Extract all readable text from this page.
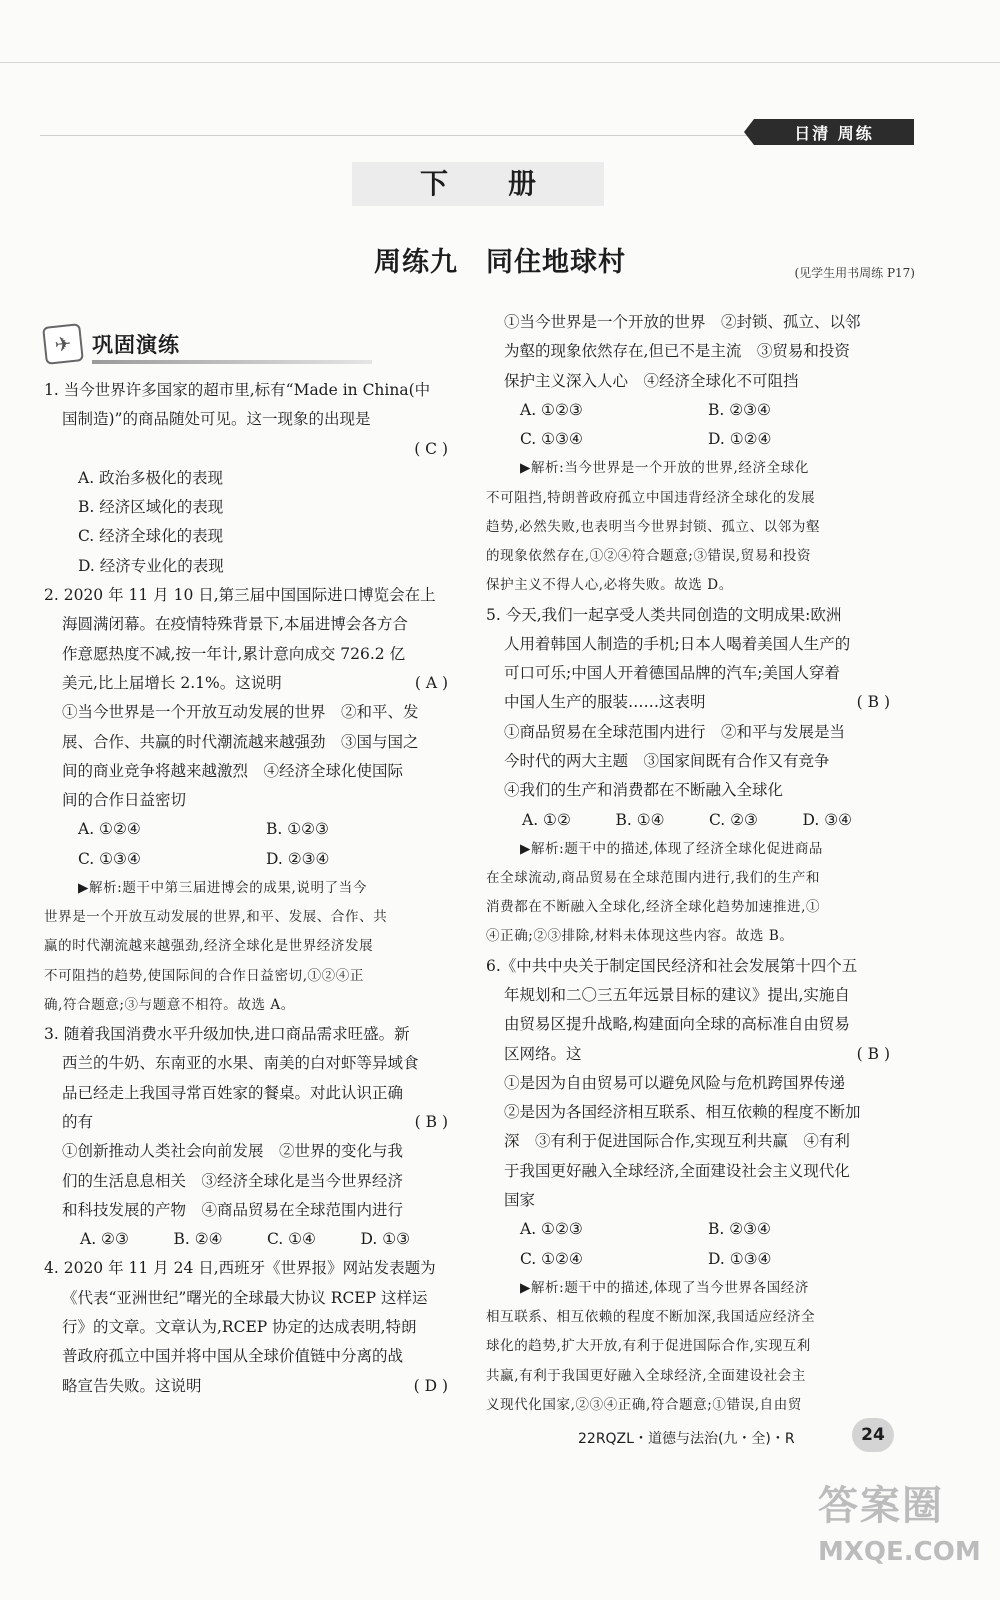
日清 周练
下册
周练九　同住地球村	(见学生用书周练 P17)
✈ 巩固演练

1. 当今世界许多国家的超市里,标有“Made in China(中

国制造)”的商品随处可见。这一现象的出现是

( C )

A. 政治多极化的表现

B. 经济区域化的表现

C. 经济全球化的表现

D. 经济专业化的表现

2. 2020 年 11 月 10 日,第三届中国国际进口博览会在上

海圆满闭幕。在疫情特殊背景下,本届进博会各方合

作意愿热度不减,按一年计,累计意向成交 726.2 亿

美元,比上届增长 2.1%。这说明	( A )

①当今世界是一个开放互动发展的世界　②和平、发

展、合作、共赢的时代潮流越来越强劲　③国与国之

间的商业竞争将越来越激烈　④经济全球化使国际

间的合作日益密切

A. ①②④	B. ①②③
C. ①③④	D. ②③④

▶解析:题干中第三届进博会的成果,说明了当今

世界是一个开放互动发展的世界,和平、发展、合作、共

赢的时代潮流越来越强劲,经济全球化是世界经济发展

不可阻挡的趋势,使国际间的合作日益密切,①②④正

确,符合题意;③与题意不相符。故选 A。

3. 随着我国消费水平升级加快,进口商品需求旺盛。新

西兰的牛奶、东南亚的水果、南美的白对虾等异域食

品已经走上我国寻常百姓家的餐桌。对此认识正确

的有	( B )

①创新推动人类社会向前发展　②世界的变化与我

们的生活息息相关　③经济全球化是当今世界经济

和科技发展的产物　④商品贸易在全球范围内进行

A. ②③	B. ②④	C. ①④	D. ①③

4. 2020 年 11 月 24 日,西班牙《世界报》网站发表题为

《代表“亚洲世纪”曙光的全球最大协议 RCEP 这样运

行》的文章。文章认为,RCEP 协定的达成表明,特朗

普政府孤立中国并将中国从全球价值链中分离的战

略宣告失败。这说明	( D )

①当今世界是一个开放的世界　②封锁、孤立、以邻

为壑的现象依然存在,但已不是主流　③贸易和投资

保护主义深入人心　④经济全球化不可阻挡

A. ①②③	B. ②③④
C. ①③④	D. ①②④

▶解析:当今世界是一个开放的世界,经济全球化

不可阻挡,特朗普政府孤立中国违背经济全球化的发展

趋势,必然失败,也表明当今世界封锁、孤立、以邻为壑

的现象依然存在,①②④符合题意;③错误,贸易和投资

保护主义不得人心,必将失败。故选 D。

5. 今天,我们一起享受人类共同创造的文明成果:欧洲

人用着韩国人制造的手机;日本人喝着美国人生产的

可口可乐;中国人开着德国品牌的汽车;美国人穿着

中国人生产的服装……这表明	( B )

①商品贸易在全球范围内进行　②和平与发展是当

今时代的两大主题　③国家间既有合作又有竞争

④我们的生产和消费都在不断融入全球化

A. ①②	B. ①④	C. ②③	D. ③④

▶解析:题干中的描述,体现了经济全球化促进商品

在全球流动,商品贸易在全球范围内进行,我们的生产和

消费都在不断融入全球化,经济全球化趋势加速推进,①

④正确;②③排除,材料未体现这些内容。故选 B。

6.《中共中央关于制定国民经济和社会发展第十四个五

年规划和二〇三五年远景目标的建议》提出,实施自

由贸易区提升战略,构建面向全球的高标准自由贸易

区网络。这	( B )

①是因为自由贸易可以避免风险与危机跨国界传递

②是因为各国经济相互联系、相互依赖的程度不断加

深　③有利于促进国际合作,实现互利共赢　④有利

于我国更好融入全球经济,全面建设社会主义现代化

国家

A. ①②③	B. ②③④
C. ①②④	D. ①③④

▶解析:题干中的描述,体现了当今世界各国经济

相互联系、相互依赖的程度不断加深,我国适应经济全

球化的趋势,扩大开放,有利于促进国际合作,实现互利

共赢,有利于我国更好融入全球经济,全面建设社会主

义现代化国家,②③④正确,符合题意;①错误,自由贸

22RQZL・道德与法治(九・全)・R	24
答案圈
MXQE.COM
